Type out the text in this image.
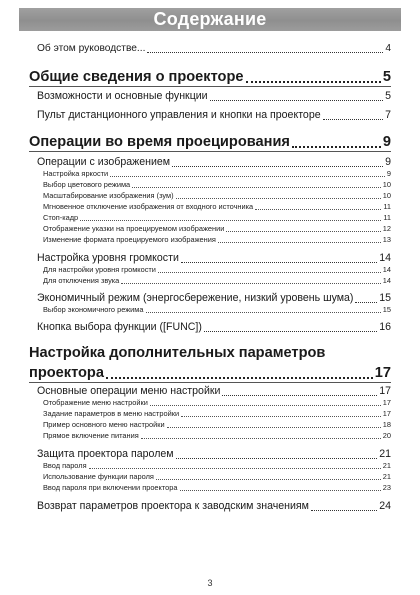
Содержание
Об этом руководстве...	4
Общие сведения о проекторе	5
Возможности и основные функции	5
Пульт дистанционного управления и кнопки на проекторе	7
Операции во время проецирования	9
Операции с изображением	9
Настройка яркости	9
Выбор цветового режима	10
Масштабирование изображения (зум)	10
Мгновенное отключение изображения от входного источника	11
Стоп-кадр	11
Отображение указки на проецируемом изображении	12
Изменение формата проецируемого изображения	13
Настройка уровня громкости	14
Для настройки уровня громкости	14
Для отключения звука	14
Экономичный режим (энергосбережение, низкий уровень шума) 15
Выбор экономичного режима	15
Кнопка выбора функции ([FUNC])	16
Настройка дополнительных параметров
проектора	17
Основные операции меню настройки	17
Отображение меню настройки	17
Задание параметров в меню настройки	17
Пример основного меню настройки	18
Прямое включение питания	20
Защита проектора паролем	21
Ввод пароля	21
Использование функции пароля	21
Ввод пароля при включении проектора	23
Возврат параметров проектора к заводским значениям	24
3
